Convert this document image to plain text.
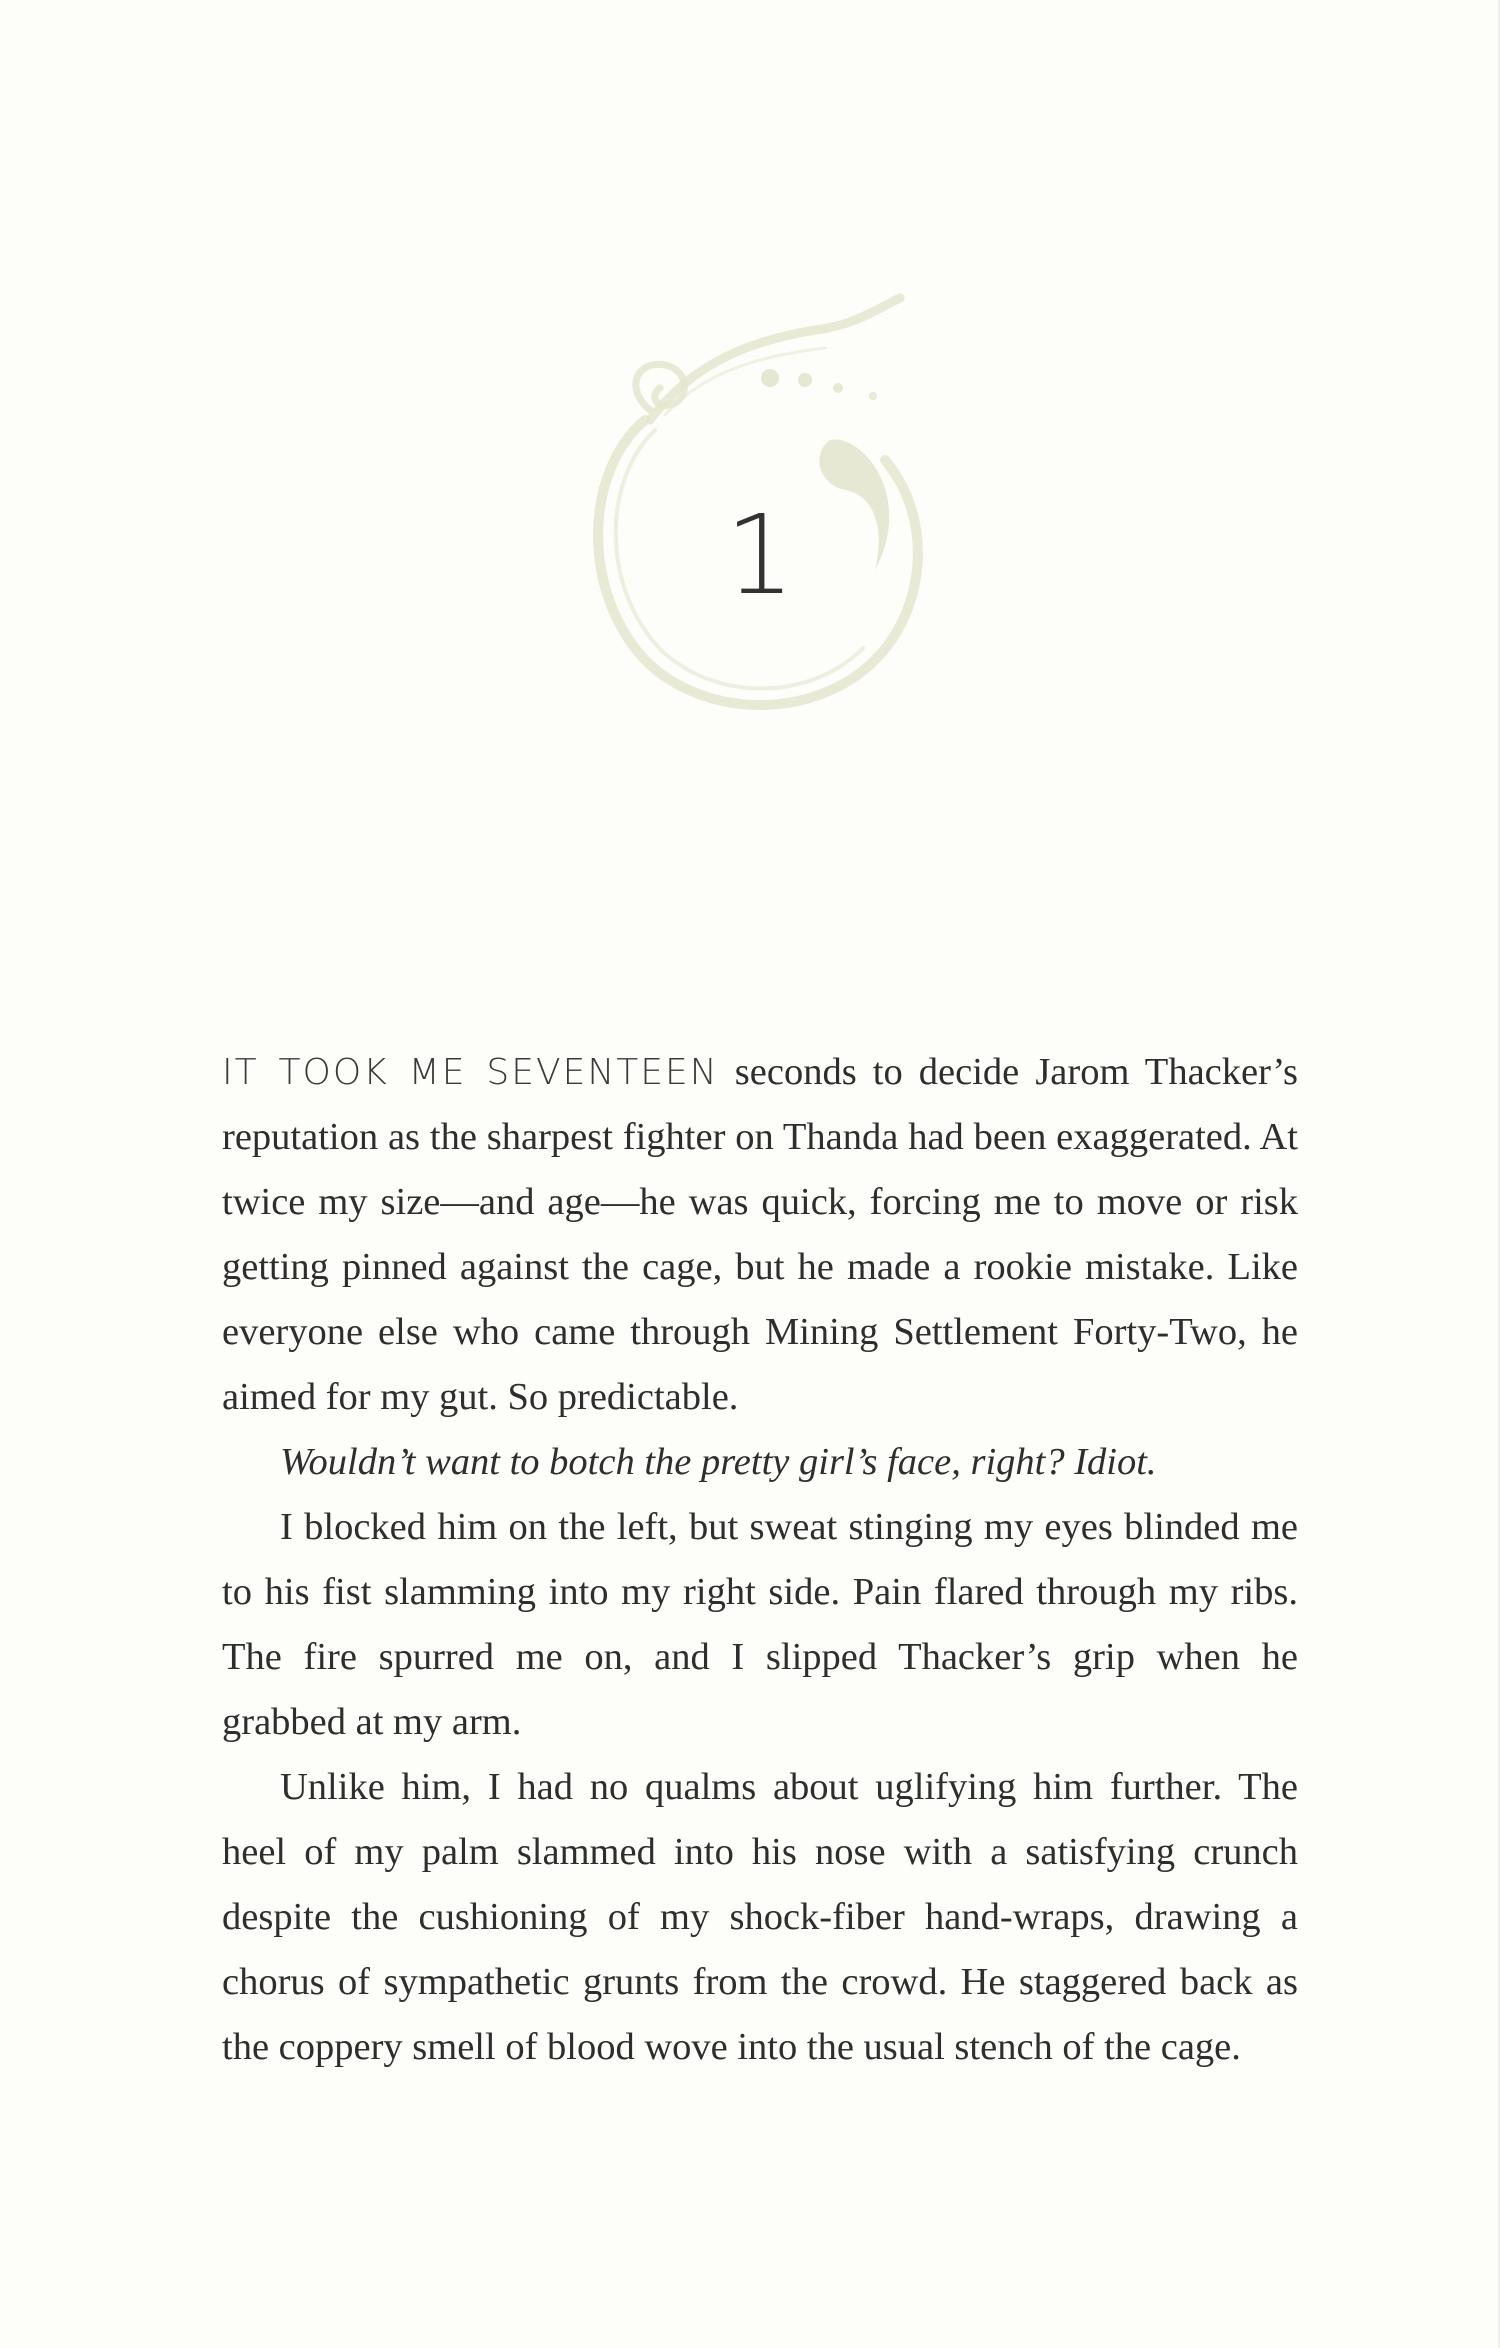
1

IT TOOK ME SEVENTEEN seconds to decide Jarom Thacker’s reputation as the sharpest fighter on Thanda had been exaggerated. At twice my size—and age—he was quick, forcing me to move or risk getting pinned against the cage, but he made a rookie mistake. Like everyone else who came through Mining Settlement Forty-Two, he aimed for my gut. So predictable.

Wouldn’t want to botch the pretty girl’s face, right? Idiot.

I blocked him on the left, but sweat stinging my eyes blinded me to his fist slamming into my right side. Pain flared through my ribs. The fire spurred me on, and I slipped Thacker’s grip when he grabbed at my arm.

Unlike him, I had no qualms about uglifying him further. The heel of my palm slammed into his nose with a satisfying crunch despite the cushioning of my shock-fiber hand-wraps, drawing a chorus of sympathetic grunts from the crowd. He staggered back as the coppery smell of blood wove into the usual stench of the cage.
